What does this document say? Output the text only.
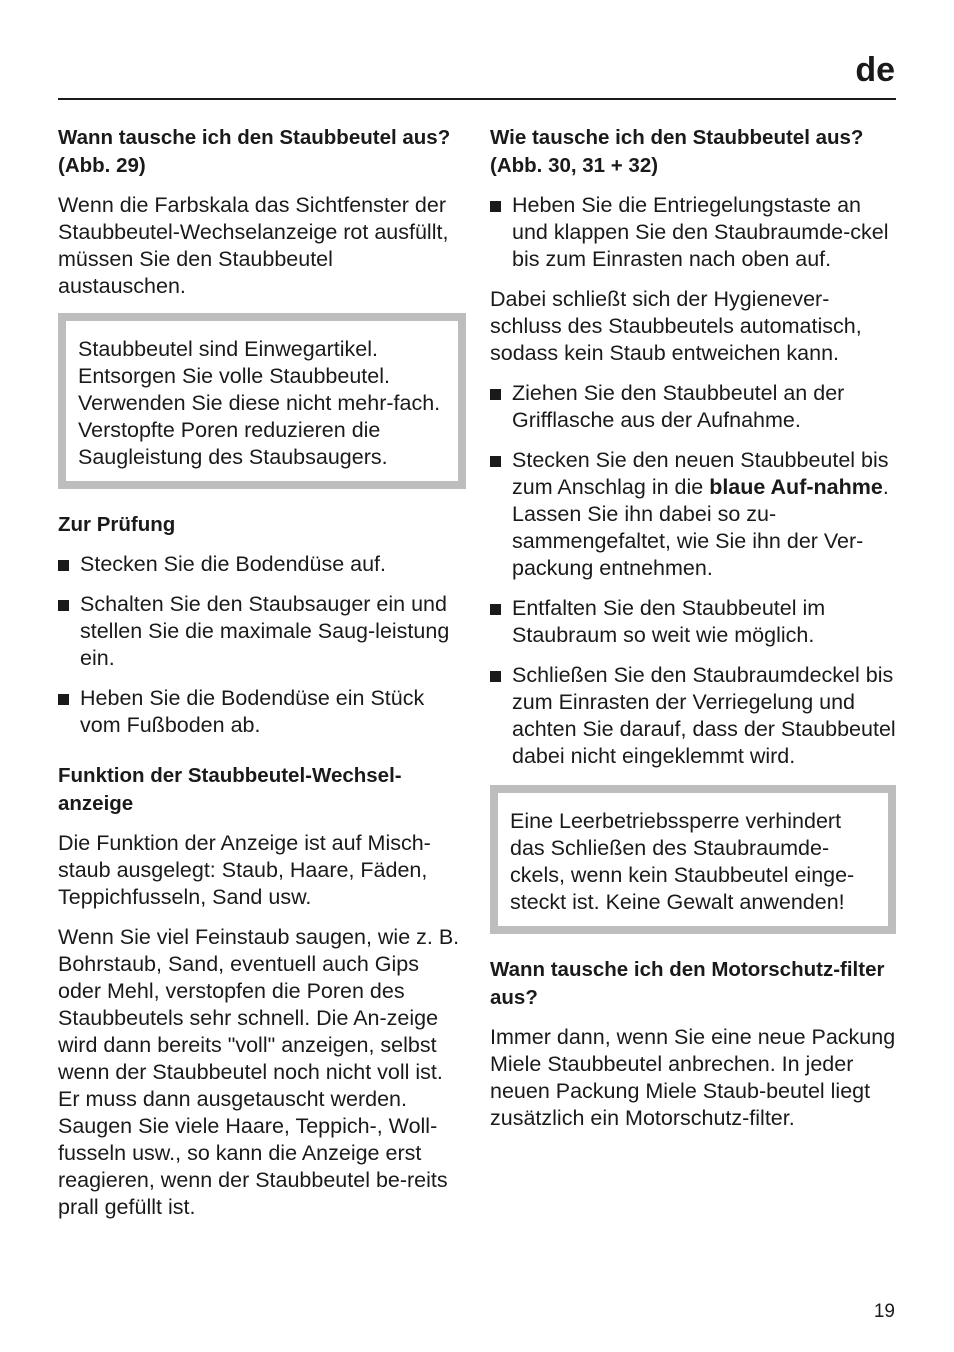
de
Wann tausche ich den Staubbeutel aus? (Abb. 29)

Wenn die Farbskala das Sichtfenster der Staubbeutel-Wechselanzeige rot ausfüllt, müssen Sie den Staubbeutel austauschen.

Staubbeutel sind Einwegartikel. Entsorgen Sie volle Staubbeutel. Verwenden Sie diese nicht mehr-fach. Verstopfte Poren reduzieren die Saugleistung des Staubsaugers.
Zur Prüfung
Stecken Sie die Bodendüse auf.
Schalten Sie den Staubsauger ein und stellen Sie die maximale Saug-leistung ein.
Heben Sie die Bodendüse ein Stück vom Fußboden ab.
Funktion der Staubbeutel-Wechsel-anzeige

Die Funktion der Anzeige ist auf Misch-staub ausgelegt: Staub, Haare, Fäden, Teppichfusseln, Sand usw.

Wenn Sie viel Feinstaub saugen, wie z. B. Bohrstaub, Sand, eventuell auch Gips oder Mehl, verstopfen die Poren des Staubbeutels sehr schnell. Die An-zeige wird dann bereits "voll" anzeigen, selbst wenn der Staubbeutel noch nicht voll ist. Er muss dann ausgetauscht werden.

Saugen Sie viele Haare, Teppich-, Woll-fusseln usw., so kann die Anzeige erst reagieren, wenn der Staubbeutel be-reits prall gefüllt ist.

Wie tausche ich den Staubbeutel aus? (Abb. 30, 31 + 32)
Heben Sie die Entriegelungstaste an und klappen Sie den Staubraumde-ckel bis zum Einrasten nach oben auf.

Dabei schließt sich der Hygienever-schluss des Staubbeutels automatisch, sodass kein Staub entweichen kann.

Ziehen Sie den Staubbeutel an der Grifflasche aus der Aufnahme.
Stecken Sie den neuen Staubbeutel bis zum Anschlag in die blaue Auf-nahme. Lassen Sie ihn dabei so zu-sammengefaltet, wie Sie ihn der Ver-packung entnehmen.
Entfalten Sie den Staubbeutel im Staubraum so weit wie möglich.
Schließen Sie den Staubraumdeckel bis zum Einrasten der Verriegelung und achten Sie darauf, dass der Staubbeutel dabei nicht eingeklemmt wird.
Eine Leerbetriebssperre verhindert das Schließen des Staubraumde-ckels, wenn kein Staubbeutel einge-steckt ist. Keine Gewalt anwenden!
Wann tausche ich den Motorschutz-filter aus?

Immer dann, wenn Sie eine neue Packung Miele Staubbeutel anbrechen. In jeder neuen Packung Miele Staub-beutel liegt zusätzlich ein Motorschutz-filter.

19
